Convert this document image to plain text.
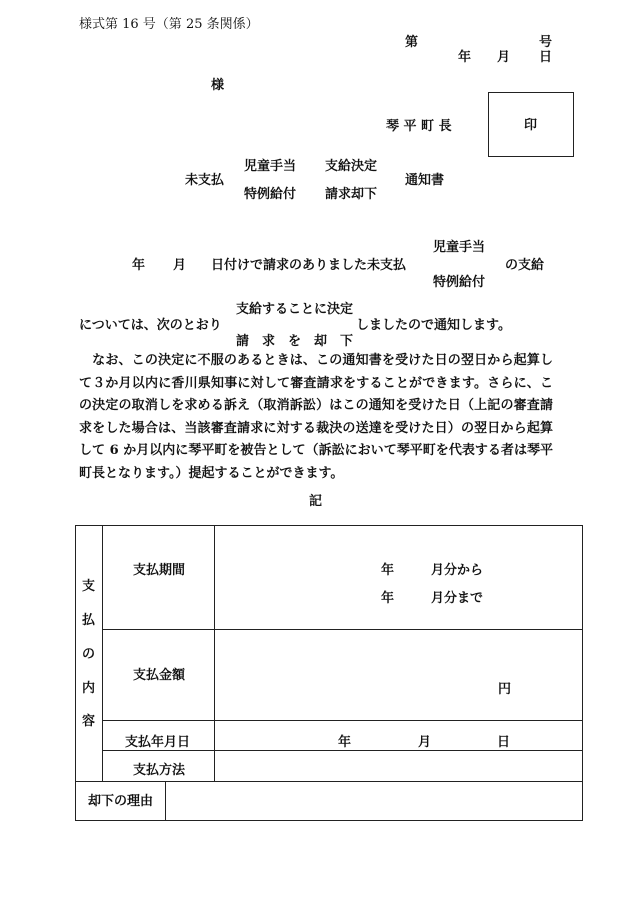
様式第 16 号（第 25 条関係）
第	号
年 月 日
様
琴 平 町 長	印
児童手当 支給決定
未支払	通知書
特例給付 請求却下
児童手当
年 月 日付けで請求のありました未支払	の支給
特例給付
支給することに決定
については、次のとおり	しましたので通知します。
請　求　を　却　下
　なお、この決定に不服のあるときは、この通知書を受けた日の翌日から起算して３か月以内に香川県知事に対して審査請求をすることができます。さらに、この決定の取消しを求める訴え（取消訴訟）はこの通知を受けた日（上記の審査請求をした場合は、当該審査請求に対する裁決の送達を受けた日）の翌日から起算して 6 か月以内に琴平町を被告として（訴訟において琴平町を代表する者は琴平町長となります。）提起することができます。
記
支
払
の
内
容
支払期間	年	月分から
年	月分まで
支払金額
円
支払年月日	年	月	日
支払方法
却下の理由
